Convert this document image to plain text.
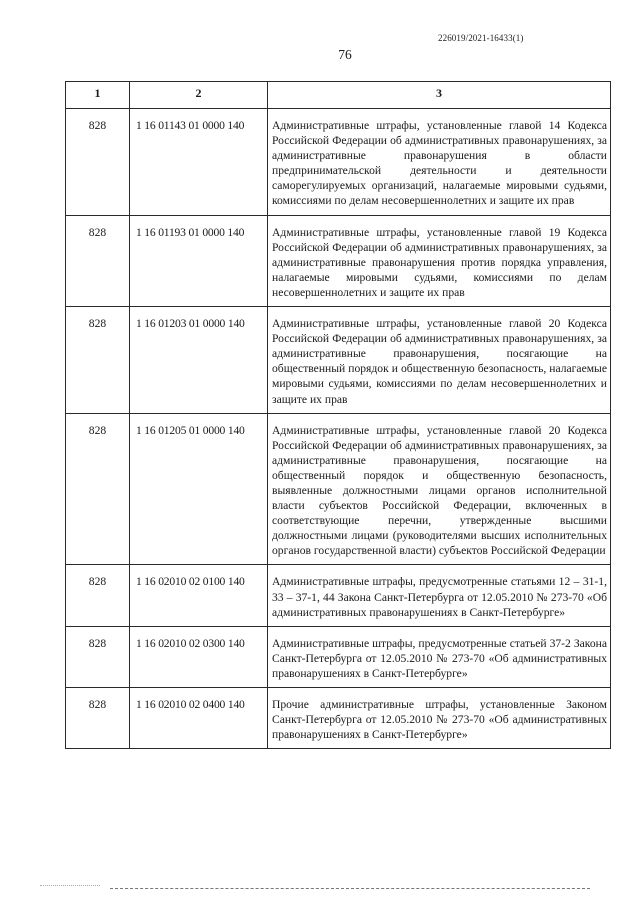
226019/2021-16433(1)
76
1	2	3
828	1 16 01143 01 0000 140	Административные штрафы, установленные главой 14 Кодекса Российской Федерации об административных правонарушениях, за административные правонарушения в области предпринимательской деятельности и деятельности саморегулируемых организаций, налагаемые мировыми судьями, комиссиями по делам несовершеннолетних и защите их прав
828	1 16 01193 01 0000 140	Административные штрафы, установленные главой 19 Кодекса Российской Федерации об административных правонарушениях, за административные правонарушения против порядка управления, налагаемые мировыми судьями, комиссиями по делам несовершеннолетних и защите их прав
828	1 16 01203 01 0000 140	Административные штрафы, установленные главой 20 Кодекса Российской Федерации об административных правонарушениях, за административные правонарушения, посягающие на общественный порядок и общественную безопасность, налагаемые мировыми судьями, комиссиями по делам несовершеннолетних и защите их прав
828	1 16 01205 01 0000 140	Административные штрафы, установленные главой 20 Кодекса Российской Федерации об административных правонарушениях, за административные правонарушения, посягающие на общественный порядок и общественную безопасность, выявленные должностными лицами органов исполнительной власти субъектов Российской Федерации, включенных в соответствующие перечни, утвержденные высшими должностными лицами (руководителями высших исполнительных органов государственной власти) субъектов Российской Федерации
828	1 16 02010 02 0100 140	Административные штрафы, предусмотренные статьями 12 – 31-1, 33 – 37-1, 44 Закона Санкт-Петербурга от 12.05.2010 № 273-70 «Об административных правонарушениях в Санкт-Петербурге»
828	1 16 02010 02 0300 140	Административные штрафы, предусмотренные статьей 37-2 Закона Санкт-Петербурга от 12.05.2010 № 273-70 «Об административных правонарушениях в Санкт-Петербурге»
828	1 16 02010 02 0400 140	Прочие административные штрафы, установленные Законом Санкт-Петербурга от 12.05.2010 № 273-70 «Об административных правонарушениях в Санкт-Петербурге»
